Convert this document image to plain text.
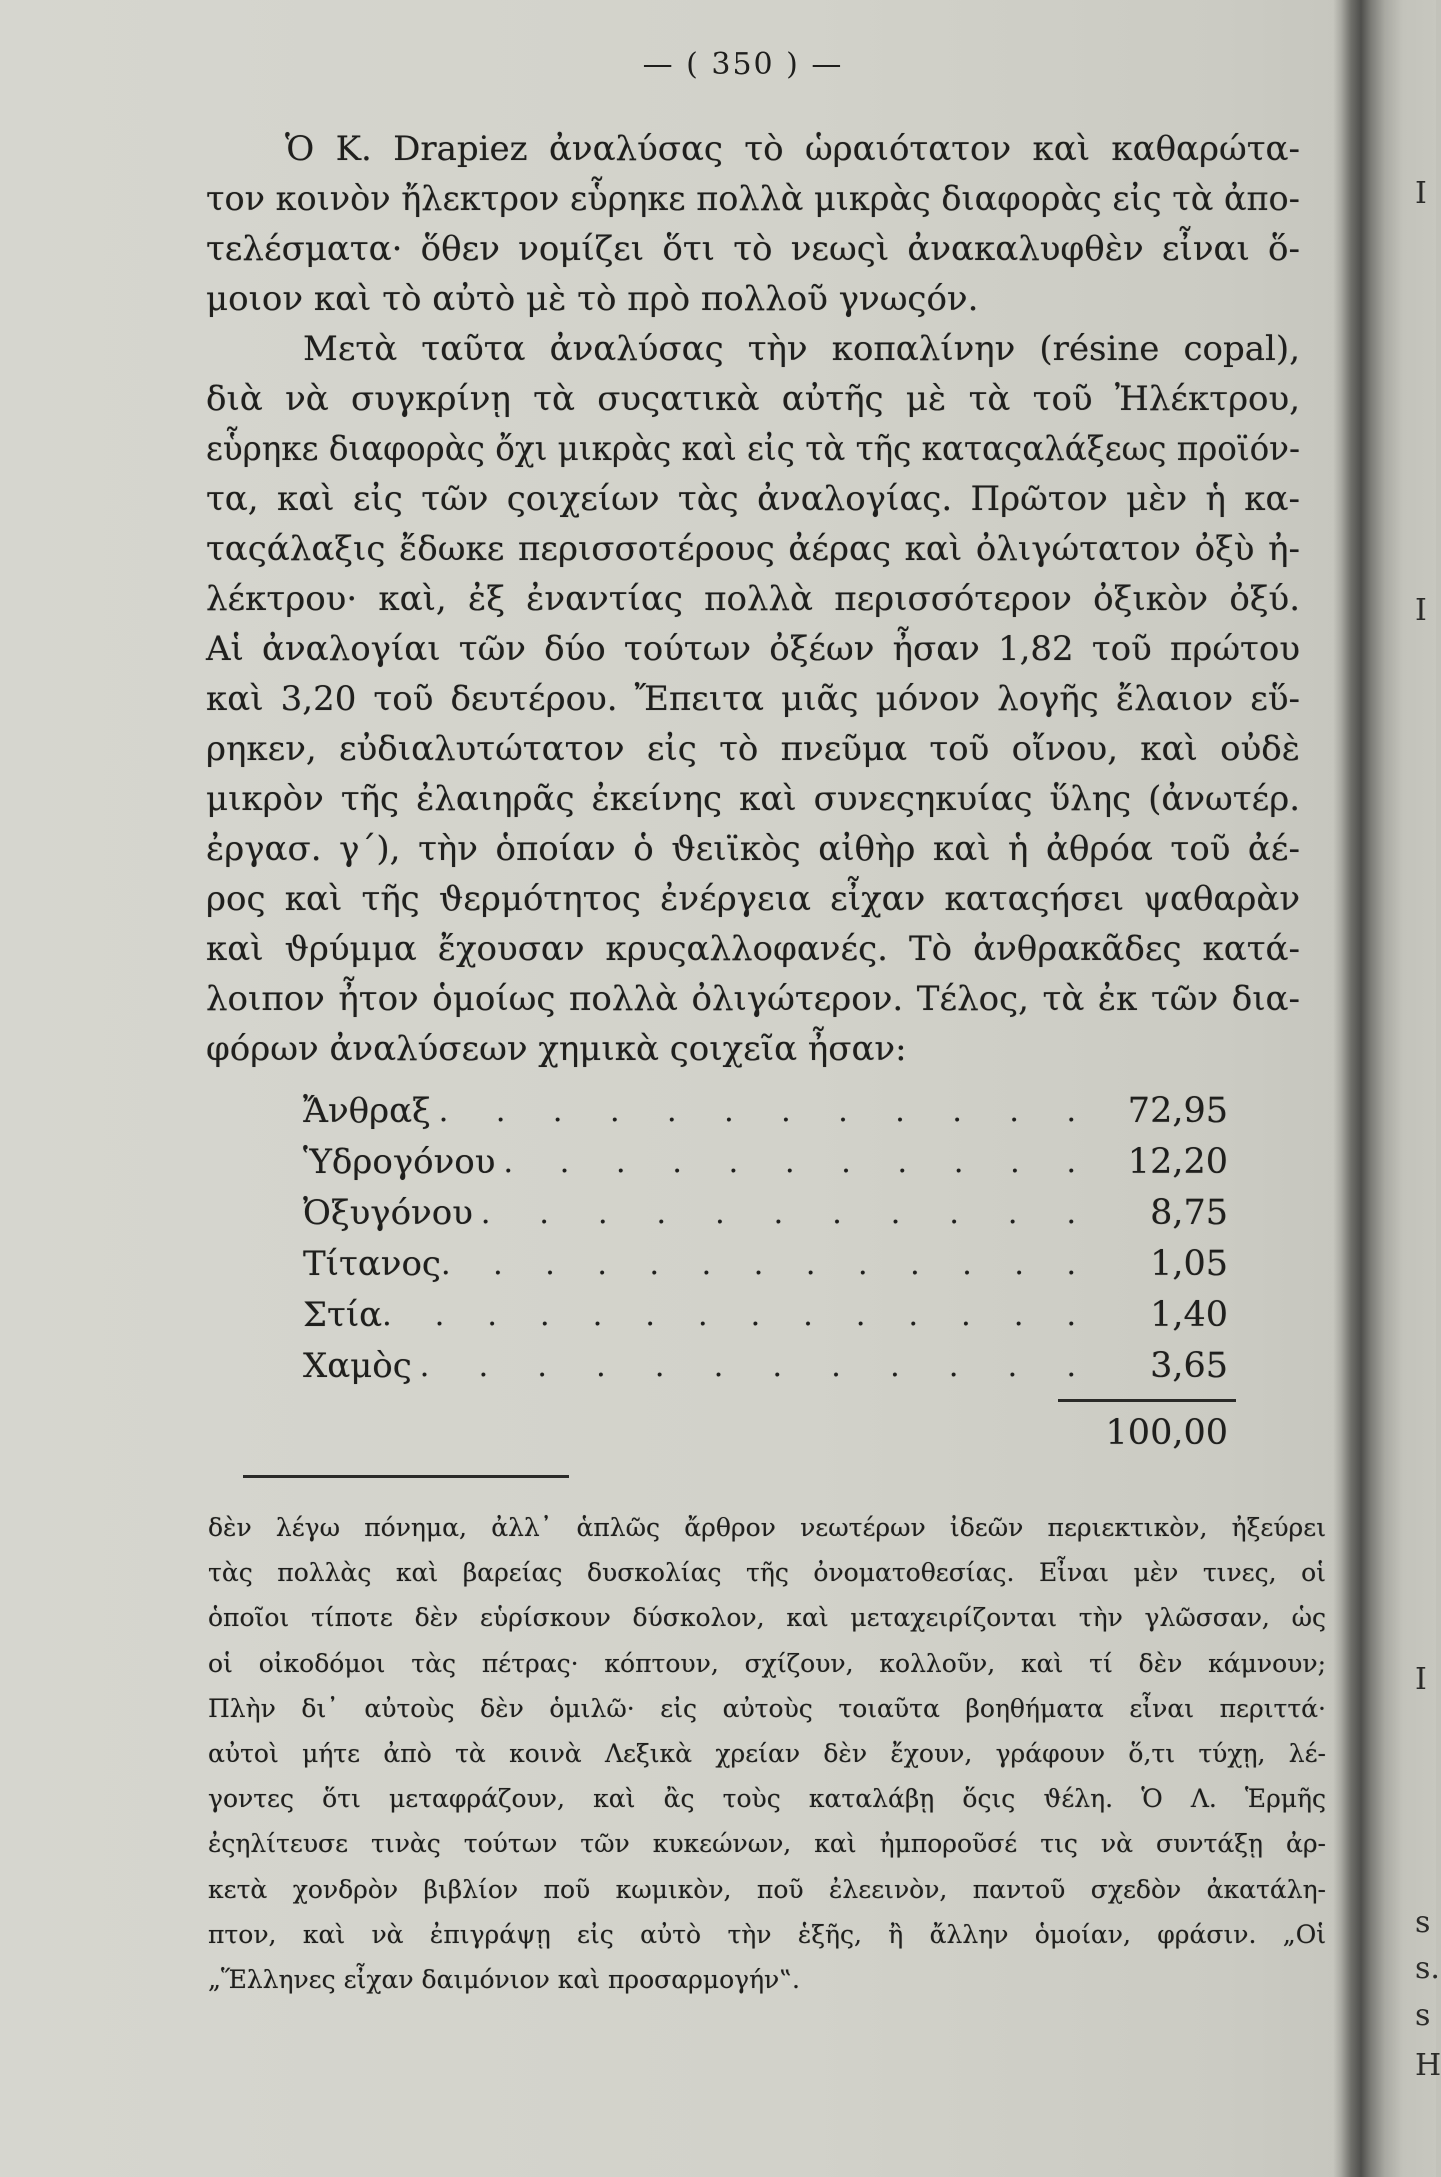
— ( 350 ) —
Ὁ Κ. Drapiez ἀναλύσας τὸ ὡραιότατον καὶ καθαρώτα-
τον κοινὸν ἤλεκτρον εὗρηκε πολλὰ μικρὰς διαφορὰς εἰς τὰ ἀπο-
τελέσματα· ὅθεν νομίζει ὅτι τὸ νεωςὶ ἀνακαλυφθὲν εἶναι ὅ-
μοιον καὶ τὸ αὐτὸ μὲ τὸ πρὸ πολλοῦ γνωςόν.
Μετὰ ταῦτα ἀναλύσας τὴν κοπαλίνην (résine copal),
διὰ νὰ συγκρίνῃ τὰ συςατικὰ αὐτῆς μὲ τὰ τοῦ Ἠλέκτρου,
εὗρηκε διαφορὰς ὄχι μικρὰς καὶ εἰς τὰ τῆς καταςαλάξεως προϊόν-
τα, καὶ εἰς τῶν ςοιχείων τὰς ἀναλογίας. Πρῶτον μὲν ἡ κα-
ταςάλαξις ἔδωκε περισσοτέρους ἀέρας καὶ ὀλιγώτατον ὀξὺ ἠ-
λέκτρου· καὶ, ἐξ ἐναντίας πολλὰ περισσότερον ὀξικὸν ὀξύ.
Αἱ ἀναλογίαι τῶν δύο τούτων ὀξέων ἦσαν 1,82 τοῦ πρώτου
καὶ 3,20 τοῦ δευτέρου. Ἔπειτα μιᾶς μόνον λογῆς ἔλαιον εὕ-
ρηκεν, εὐδιαλυτώτατον εἰς τὸ πνεῦμα τοῦ οἴνου, καὶ οὐδὲ
μικρὸν τῆς ἐλαιηρᾶς ἐκείνης καὶ συνεςηκυίας ὕλης (ἀνωτέρ.
ἐργασ. γ΄), τὴν ὁποίαν ὁ ϑειϊκὸς αἰθὴρ καὶ ἡ ἀθρόα τοῦ ἀέ-
ρος καὶ τῆς ϑερμότητος ἐνέργεια εἶχαν καταςήσει ψαθαρὰν
καὶ ϑρύμμα ἔχουσαν κρυςαλλοφανές. Τὸ ἀνθρακᾶδες κατά-
λοιπον ἦτον ὁμοίως πολλὰ ὀλιγώτερον. Τέλος, τὰ ἐκ τῶν δια-
φόρων ἀναλύσεων χημικὰ ςοιχεῖα ἦσαν:
Ἄνθραξ . . . . . . . . . . . .	72,95
Ὑδρογόνου . . . . . . . . . . .	12,20
Ὀξυγόνου . . . . . . . . . . .	8,75
Τίτανος . . . . . . . . . . . . .	1,05
Στία . . . . . . . . . . . . . .	1,40
Χαμὸς . . . . . . . . . . . .	3,65
100,00
δὲν λέγω πόνημα, ἀλλ᾽ ἁπλῶς ἄρθρον νεωτέρων ἰδεῶν περιεκτικὸν, ἠξεύρει
τὰς πολλὰς καὶ βαρείας δυσκολίας τῆς ὀνοματοθεσίας. Εἶναι μὲν τινες, οἱ
ὁποῖοι τίποτε δὲν εὑρίσκουν δύσκολον, καὶ μεταχειρίζονται τὴν γλῶσσαν, ὡς
οἱ οἰκοδόμοι τὰς πέτρας· κόπτουν, σχίζουν, κολλοῦν, καὶ τί δὲν κάμνουν;
Πλὴν δι᾽ αὐτοὺς δὲν ὁμιλῶ· εἰς αὐτοὺς τοιαῦτα βοηθήματα εἶναι περιττά·
αὐτοὶ μήτε ἀπὸ τὰ κοινὰ Λεξικὰ χρείαν δὲν ἔχουν, γράφουν ὅ,τι τύχῃ, λέ-
γοντες ὅτι μεταφράζουν, καὶ ἂς τοὺς καταλάβῃ ὅςις ϑέλη. Ὁ Λ. Ἑρμῆς
ἐςηλίτευσε τινὰς τούτων τῶν κυκεώνων, καὶ ἠμποροῦσέ τις νὰ συντάξῃ ἀρ-
κετὰ χονδρὸν βιβλίον ποῦ κωμικὸν, ποῦ ἐλεεινὸν, παντοῦ σχεδὸν ἀκατάλη-
πτον, καὶ νὰ ἐπιγράψῃ εἰς αὐτὸ τὴν ἑξῆς, ἢ ἄλλην ὁμοίαν, φράσιν. „Οἱ
„Ἕλληνες εἶχαν δαιμόνιον καὶ προσαρμογήν‟.
I
I
I
s
s.
s
H
